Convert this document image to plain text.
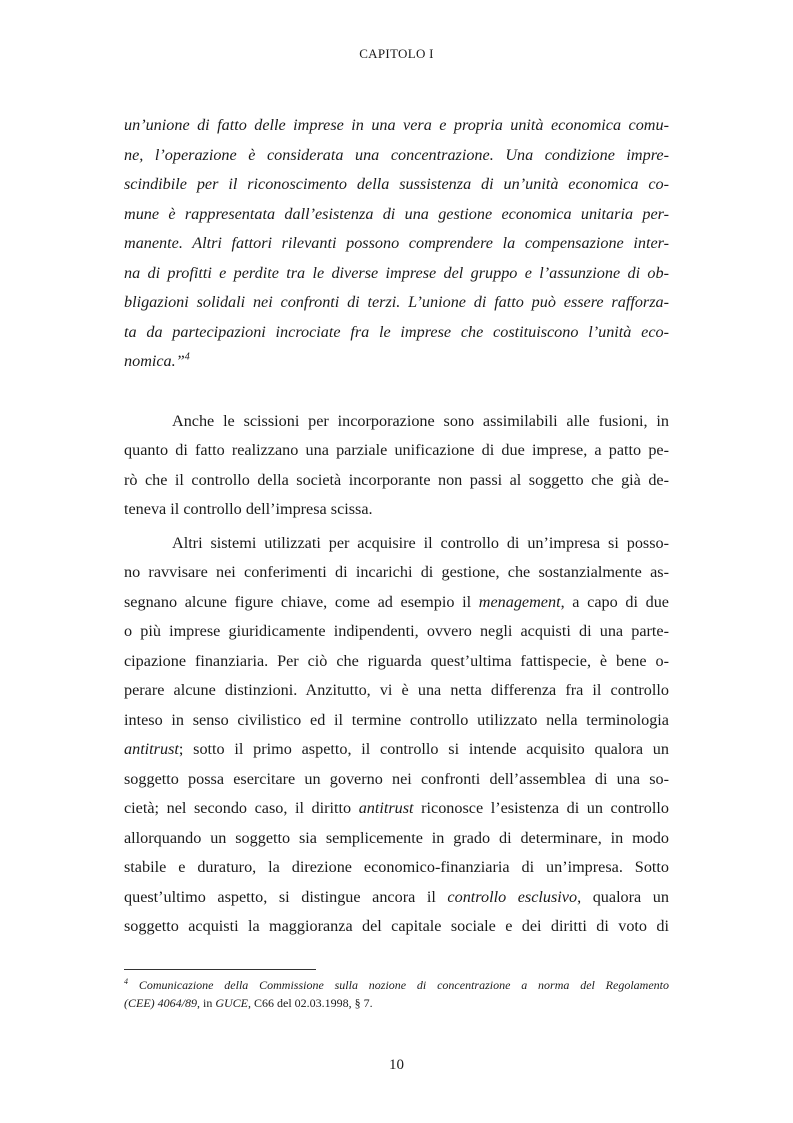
CAPITOLO I
un’unione di fatto delle imprese in una vera e propria unità economica comu-
ne, l’operazione è considerata una concentrazione. Una condizione impre-
scindibile per il riconoscimento della sussistenza di un’unità economica co-
mune è rappresentata dall’esistenza di una gestione economica unitaria per-
manente. Altri fattori rilevanti possono comprendere la compensazione inter-
na di profitti e perdite tra le diverse imprese del gruppo e l’assunzione di ob-
bligazioni solidali nei confronti di terzi. L’unione di fatto può essere rafforza-
ta da partecipazioni incrociate fra le imprese che costituiscono l’unità eco-
nomica.”$^4$
Anche le scissioni per incorporazione sono assimilabili alle fusioni, in
quanto di fatto realizzano una parziale unificazione di due imprese, a patto pe-
rò che il controllo della società incorporante non passi al soggetto che già de-
teneva il controllo dell’impresa scissa.
Altri sistemi utilizzati per acquisire il controllo di un’impresa si posso-
no ravvisare nei conferimenti di incarichi di gestione, che sostanzialmente as-
segnano alcune figure chiave, come ad esempio il menagement, a capo di due
o più imprese giuridicamente indipendenti, ovvero negli acquisti di una parte-
cipazione finanziaria. Per ciò che riguarda quest’ultima fattispecie, è bene o-
perare alcune distinzioni. Anzitutto, vi è una netta differenza fra il controllo
inteso in senso civilistico ed il termine controllo utilizzato nella terminologia
antitrust; sotto il primo aspetto, il controllo si intende acquisito qualora un
soggetto possa esercitare un governo nei confronti dell’assemblea di una so-
cietà; nel secondo caso, il diritto antitrust riconosce l’esistenza di un controllo
allorquando un soggetto sia semplicemente in grado di determinare, in modo
stabile e duraturo, la direzione economico-finanziaria di un’impresa. Sotto
quest’ultimo aspetto, si distingue ancora il controllo esclusivo, qualora un
soggetto acquisti la maggioranza del capitale sociale e dei diritti di voto di
$^4$ Comunicazione della Commissione sulla nozione di concentrazione a norma del Regolamento
(CEE) 4064/89, in GUCE, C66 del 02.03.1998, § 7.
10
